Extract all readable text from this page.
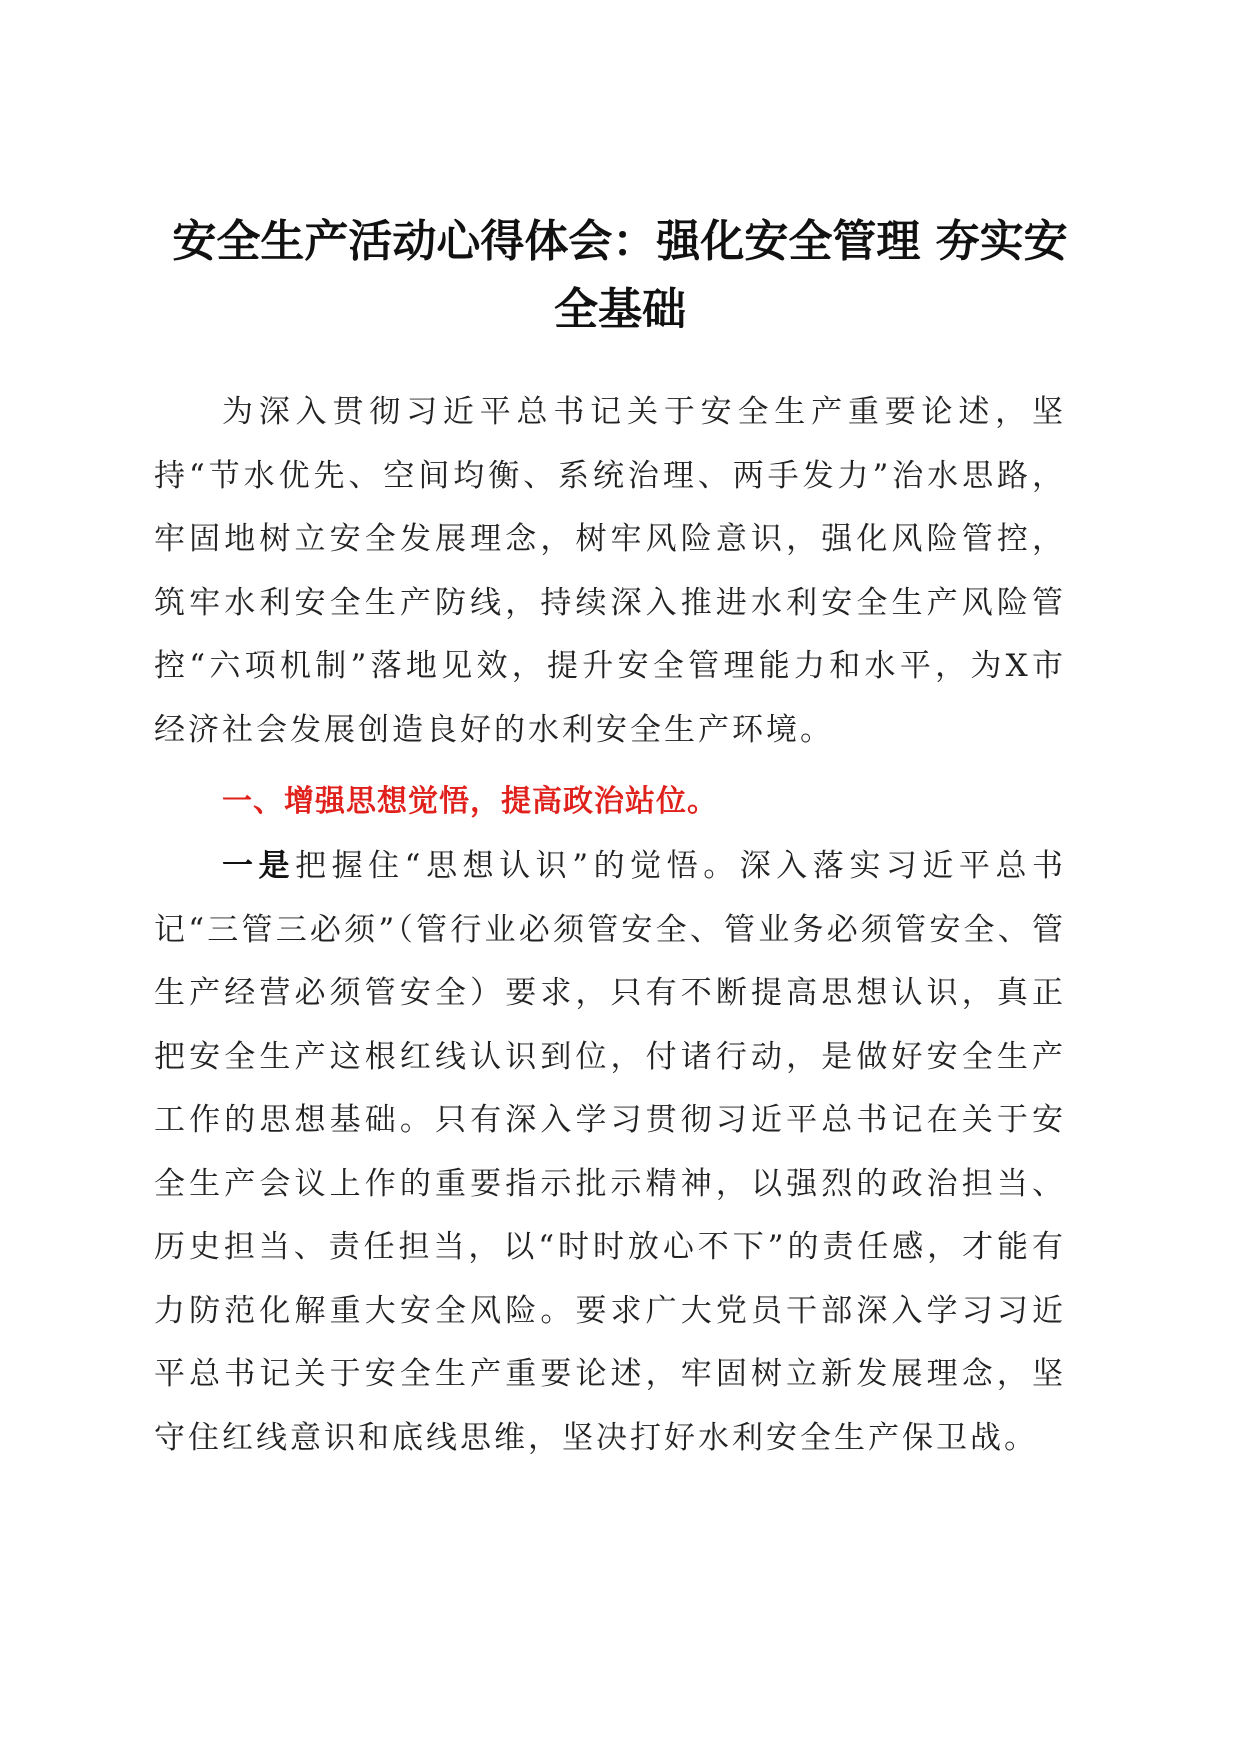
安全生产活动心得体会：强化安全管理 夯实安
全基础

为深入贯彻习近平总书记关于安全生产重要论述，坚持“节水优先、空间均衡、系统治理、两手发力”治水思路，牢固地树立安全发展理念，树牢风险意识，强化风险管控，筑牢水利安全生产防线，持续深入推进水利安全生产风险管控“六项机制”落地见效，提升安全管理能力和水平，为X市经济社会发展创造良好的水利安全生产环境。

一、增强思想觉悟，提高政治站位。

一是把握住“思想认识”的觉悟。深入落实习近平总书记“三管三必须”（管行业必须管安全、管业务必须管安全、管生产经营必须管安全）要求，只有不断提高思想认识，真正把安全生产这根红线认识到位，付诸行动，是做好安全生产工作的思想基础。只有深入学习贯彻习近平总书记在关于安全生产会议上作的重要指示批示精神，以强烈的政治担当、历史担当、责任担当，以“时时放心不下”的责任感，才能有力防范化解重大安全风险。要求广大党员干部深入学习习近平总书记关于安全生产重要论述，牢固树立新发展理念，坚守住红线意识和底线思维，坚决打好水利安全生产保卫战。
